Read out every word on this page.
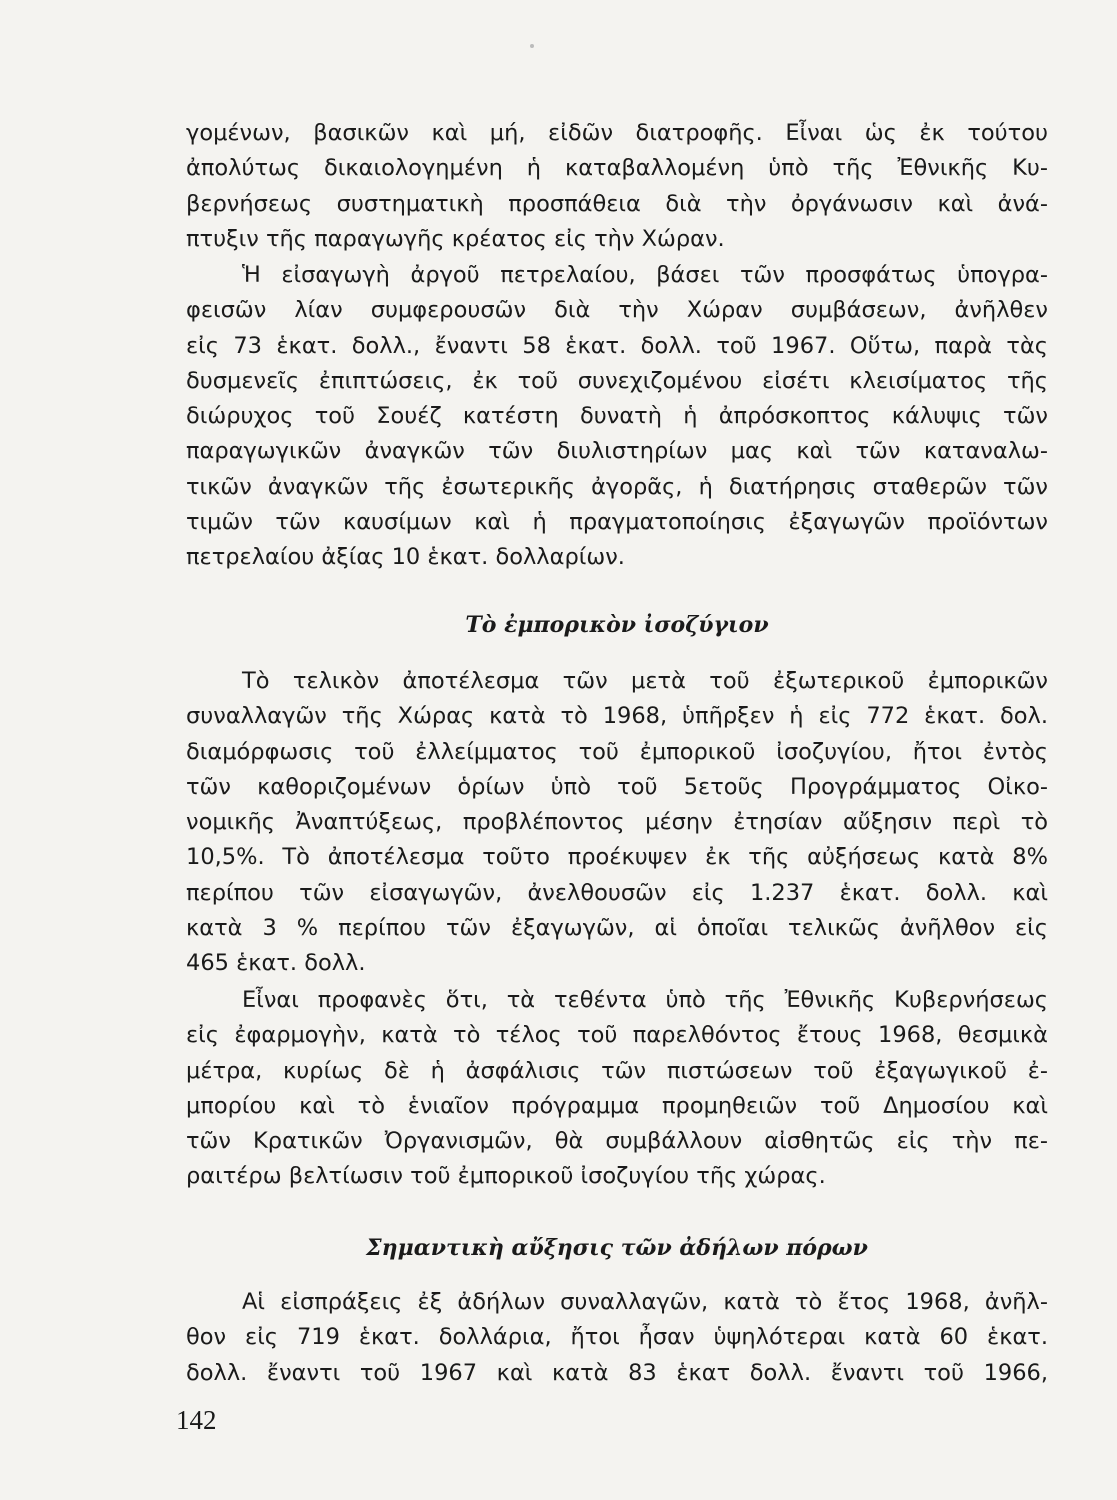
γομένων, βασικῶν καὶ μή, εἰδῶν διατροφῆς. Εἶναι ὡς ἐκ τούτου
ἀπολύτως δικαιολογημένη ἡ καταβαλλομένη ὑπὸ τῆς Ἐθνικῆς Κυ-
βερνήσεως συστηματικὴ προσπάθεια διὰ τὴν ὀργάνωσιν καὶ ἀνά-
πτυξιν τῆς παραγωγῆς κρέατος εἰς τὴν Χώραν.
Ἡ εἰσαγωγὴ ἀργοῦ πετρελαίου, βάσει τῶν προσφάτως ὑπογρα-
φεισῶν λίαν συμφερουσῶν διὰ τὴν Χώραν συμβάσεων, ἀνῆλθεν
εἰς 73 ἑκατ. δολλ., ἔναντι 58 ἑκατ. δολλ. τοῦ 1967. Οὕτω, παρὰ τὰς
δυσμενεῖς ἐπιπτώσεις, ἐκ τοῦ συνεχιζομένου εἰσέτι κλεισίματος τῆς
διώρυχος τοῦ Σουέζ κατέστη δυνατὴ ἡ ἀπρόσκοπτος κάλυψις τῶν
παραγωγικῶν ἀναγκῶν τῶν διυλιστηρίων μας καὶ τῶν καταναλω-
τικῶν ἀναγκῶν τῆς ἐσωτερικῆς ἀγορᾶς, ἡ διατήρησις σταθερῶν τῶν
τιμῶν τῶν καυσίμων καὶ ἡ πραγματοποίησις ἐξαγωγῶν προϊόντων
πετρελαίου ἀξίας 10 ἑκατ. δολλαρίων.
Τὸ ἐμπορικὸν ἰσοζύγιον
Τὸ τελικὸν ἀποτέλεσμα τῶν μετὰ τοῦ ἐξωτερικοῦ ἐμπορικῶν
συναλλαγῶν τῆς Χώρας κατὰ τὸ 1968, ὑπῆρξεν ἡ εἰς 772 ἑκατ. δολ.
διαμόρφωσις τοῦ ἐλλείμματος τοῦ ἐμπορικοῦ ἰσοζυγίου, ἤτοι ἐντὸς
τῶν καθοριζομένων ὁρίων ὑπὸ τοῦ 5ετοῦς Προγράμματος Οἰκο-
νομικῆς Ἀναπτύξεως, προβλέποντος μέσην ἐτησίαν αὔξησιν περὶ τὸ
10,5%. Τὸ ἀποτέλεσμα τοῦτο προέκυψεν ἐκ τῆς αὐξήσεως κατὰ 8%
περίπου τῶν εἰσαγωγῶν, ἀνελθουσῶν εἰς 1.237 ἑκατ. δολλ. καὶ
κατὰ 3 % περίπου τῶν ἐξαγωγῶν, αἱ ὁποῖαι τελικῶς ἀνῆλθον εἰς
465 ἑκατ. δολλ.
Εἶναι προφανὲς ὅτι, τὰ τεθέντα ὑπὸ τῆς Ἐθνικῆς Κυβερνήσεως
εἰς ἐφαρμογὴν, κατὰ τὸ τέλος τοῦ παρελθόντος ἔτους 1968, θεσμικὰ
μέτρα, κυρίως δὲ ἡ ἀσφάλισις τῶν πιστώσεων τοῦ ἐξαγωγικοῦ ἐ-
μπορίου καὶ τὸ ἑνιαῖον πρόγραμμα προμηθειῶν τοῦ Δημοσίου καὶ
τῶν Κρατικῶν Ὀργανισμῶν, θὰ συμβάλλουν αἰσθητῶς εἰς τὴν πε-
ραιτέρω βελτίωσιν τοῦ ἐμπορικοῦ ἰσοζυγίου τῆς χώρας.
Σημαντικὴ αὔξησις τῶν ἀδήλων πόρων
Αἱ εἰσπράξεις ἐξ ἀδήλων συναλλαγῶν, κατὰ τὸ ἔτος 1968, ἀνῆλ-
θον εἰς 719 ἑκατ. δολλάρια, ἤτοι ἦσαν ὑψηλότεραι κατὰ 60 ἑκατ.
δολλ. ἔναντι τοῦ 1967 καὶ κατὰ 83 ἑκατ δολλ. ἔναντι τοῦ 1966,
142
